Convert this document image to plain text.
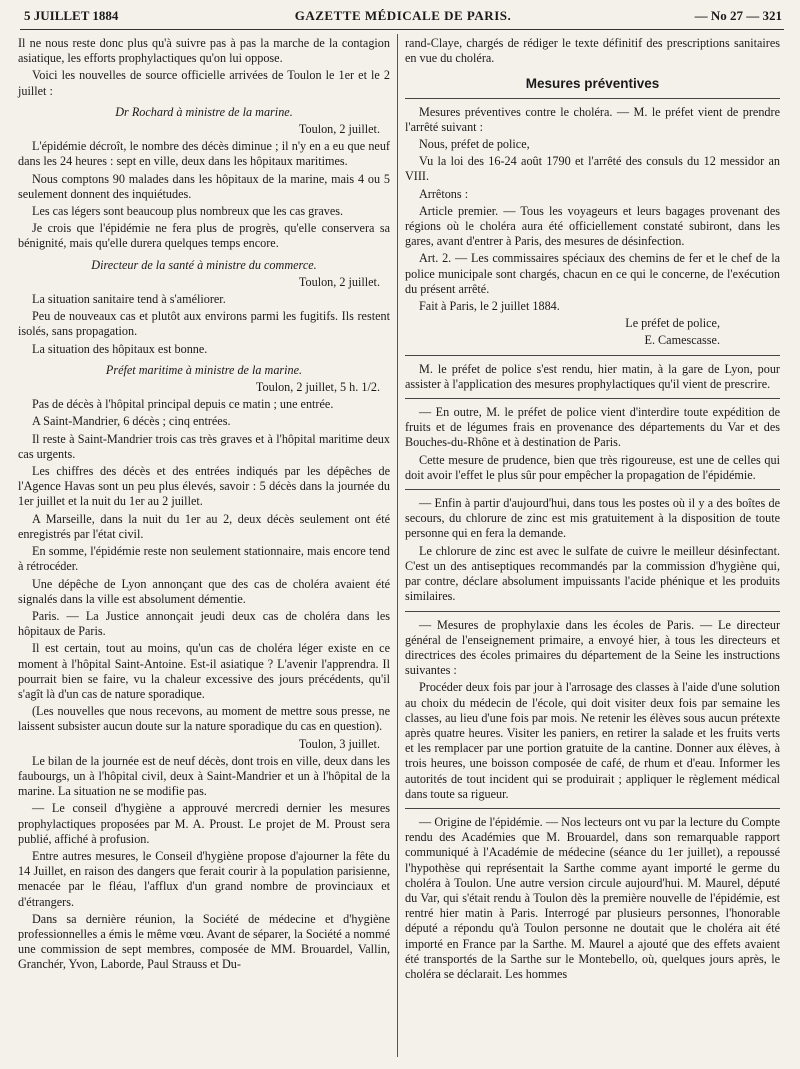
5 JUILLET 1884	GAZETTE MÉDICALE DE PARIS.	— No 27 — 321

Il ne nous reste donc plus qu'à suivre pas à pas la marche de la contagion asiatique, les efforts prophylactiques qu'on lui oppose.

Voici les nouvelles de source officielle arrivées de Toulon le 1er et le 2 juillet :

Dr Rochard à ministre de la marine.

Toulon, 2 juillet.

L'épidémie décroît, le nombre des décès diminue ; il n'y en a eu que neuf dans les 24 heures : sept en ville, deux dans les hôpitaux maritimes.

Nous comptons 90 malades dans les hôpitaux de la marine, mais 4 ou 5 seulement donnent des inquiétudes.

Les cas légers sont beaucoup plus nombreux que les cas graves.

Je crois que l'épidémie ne fera plus de progrès, qu'elle conservera sa bénignité, mais qu'elle durera quelques temps encore.

Directeur de la santé à ministre du commerce.

Toulon, 2 juillet.

La situation sanitaire tend à s'améliorer.

Peu de nouveaux cas et plutôt aux environs parmi les fugitifs. Ils restent isolés, sans propagation.

La situation des hôpitaux est bonne.

Préfet maritime à ministre de la marine.

Toulon, 2 juillet, 5 h. 1/2.

Pas de décès à l'hôpital principal depuis ce matin ; une entrée.

A Saint-Mandrier, 6 décès ; cinq entrées.

Il reste à Saint-Mandrier trois cas très graves et à l'hôpital maritime deux cas urgents.

Les chiffres des décès et des entrées indiqués par les dépêches de l'Agence Havas sont un peu plus élevés, savoir : 5 décès dans la journée du 1er juillet et la nuit du 1er au 2 juillet.

A Marseille, dans la nuit du 1er au 2, deux décès seulement ont été enregistrés par l'état civil.

En somme, l'épidémie reste non seulement stationnaire, mais encore tend à rétrocéder.

Une dépêche de Lyon annonçant que des cas de choléra avaient été signalés dans la ville est absolument démentie.

Paris. — La Justice annonçait jeudi deux cas de choléra dans les hôpitaux de Paris.

Il est certain, tout au moins, qu'un cas de choléra léger existe en ce moment à l'hôpital Saint-Antoine. Est-il asiatique ? L'avenir l'apprendra. Il pourrait bien se faire, vu la chaleur excessive des jours précédents, qu'il s'agît là d'un cas de nature sporadique.

(Les nouvelles que nous recevons, au moment de mettre sous presse, ne laissent subsister aucun doute sur la nature sporadique du cas en question).

Toulon, 3 juillet.

Le bilan de la journée est de neuf décès, dont trois en ville, deux dans les faubourgs, un à l'hôpital civil, deux à Saint-Mandrier et un à l'hôpital de la marine. La situation ne se modifie pas.

— Le conseil d'hygiène a approuvé mercredi dernier les mesures prophylactiques proposées par M. A. Proust. Le projet de M. Proust sera publié, affiché à profusion.

Entre autres mesures, le Conseil d'hygiène propose d'ajourner la fête du 14 Juillet, en raison des dangers que ferait courir à la population parisienne, menacée par le fléau, l'afflux d'un grand nombre de provinciaux et d'étrangers.

Dans sa dernière réunion, la Société de médecine et d'hygiène professionnelles a émis le même vœu. Avant de séparer, la Société a nommé une commission de sept membres, composée de MM. Brouardel, Vallin, Granchér, Yvon, Laborde, Paul Strauss et Du-

rand-Claye, chargés de rédiger le texte définitif des prescriptions sanitaires en vue du choléra.

Mesures préventives

Mesures préventives contre le choléra. — M. le préfet vient de prendre l'arrêté suivant :

Nous, préfet de police,

Vu la loi des 16-24 août 1790 et l'arrêté des consuls du 12 messidor an VIII.

Arrêtons :

Article premier. — Tous les voyageurs et leurs bagages provenant des régions où le choléra aura été officiellement constaté subiront, dans les gares, avant d'entrer à Paris, des mesures de désinfection.

Art. 2. — Les commissaires spéciaux des chemins de fer et le chef de la police municipale sont chargés, chacun en ce qui le concerne, de l'exécution du présent arrêté.

Fait à Paris, le 2 juillet 1884.

Le préfet de police,

E. Camescasse.

M. le préfet de police s'est rendu, hier matin, à la gare de Lyon, pour assister à l'application des mesures prophylactiques qu'il vient de prescrire.

— En outre, M. le préfet de police vient d'interdire toute expédition de fruits et de légumes frais en provenance des départements du Var et des Bouches-du-Rhône et à destination de Paris.

Cette mesure de prudence, bien que très rigoureuse, est une de celles qui doit avoir l'effet le plus sûr pour empêcher la propagation de l'épidémie.

— Enfin à partir d'aujourd'hui, dans tous les postes où il y a des boîtes de secours, du chlorure de zinc est mis gratuitement à la disposition de toute personne qui en fera la demande.

Le chlorure de zinc est avec le sulfate de cuivre le meilleur désinfectant. C'est un des antiseptiques recommandés par la commission d'hygiène qui, par contre, déclare absolument impuissants l'acide phénique et les produits similaires.

— Mesures de prophylaxie dans les écoles de Paris. — Le directeur général de l'enseignement primaire, a envoyé hier, à tous les directeurs et directrices des écoles primaires du département de la Seine les instructions suivantes :

Procéder deux fois par jour à l'arrosage des classes à l'aide d'une solution au choix du médecin de l'école, qui doit visiter deux fois par semaine les classes, au lieu d'une fois par mois. Ne retenir les élèves sous aucun prétexte après quatre heures. Visiter les paniers, en retirer la salade et les fruits verts et les remplacer par une portion gratuite de la cantine. Donner aux élèves, à trois heures, une boisson composée de café, de rhum et d'eau. Informer les autorités de tout incident qui se produirait ; appliquer le règlement médical dans toute sa rigueur.

— Origine de l'épidémie. — Nos lecteurs ont vu par la lecture du Compte rendu des Académies que M. Brouardel, dans son remarquable rapport communiqué à l'Académie de médecine (séance du 1er juillet), a repoussé l'hypothèse qui représentait la Sarthe comme ayant importé le germe du choléra à Toulon. Une autre version circule aujourd'hui. M. Maurel, député du Var, qui s'était rendu à Toulon dès la première nouvelle de l'épidémie, est rentré hier matin à Paris. Interrogé par plusieurs personnes, l'honorable député a répondu qu'à Toulon personne ne doutait que le choléra ait été importé en France par la Sarthe. M. Maurel a ajouté que des effets avaient été transportés de la Sarthe sur le Montebello, où, quelques jours après, le choléra se déclarait. Les hommes
